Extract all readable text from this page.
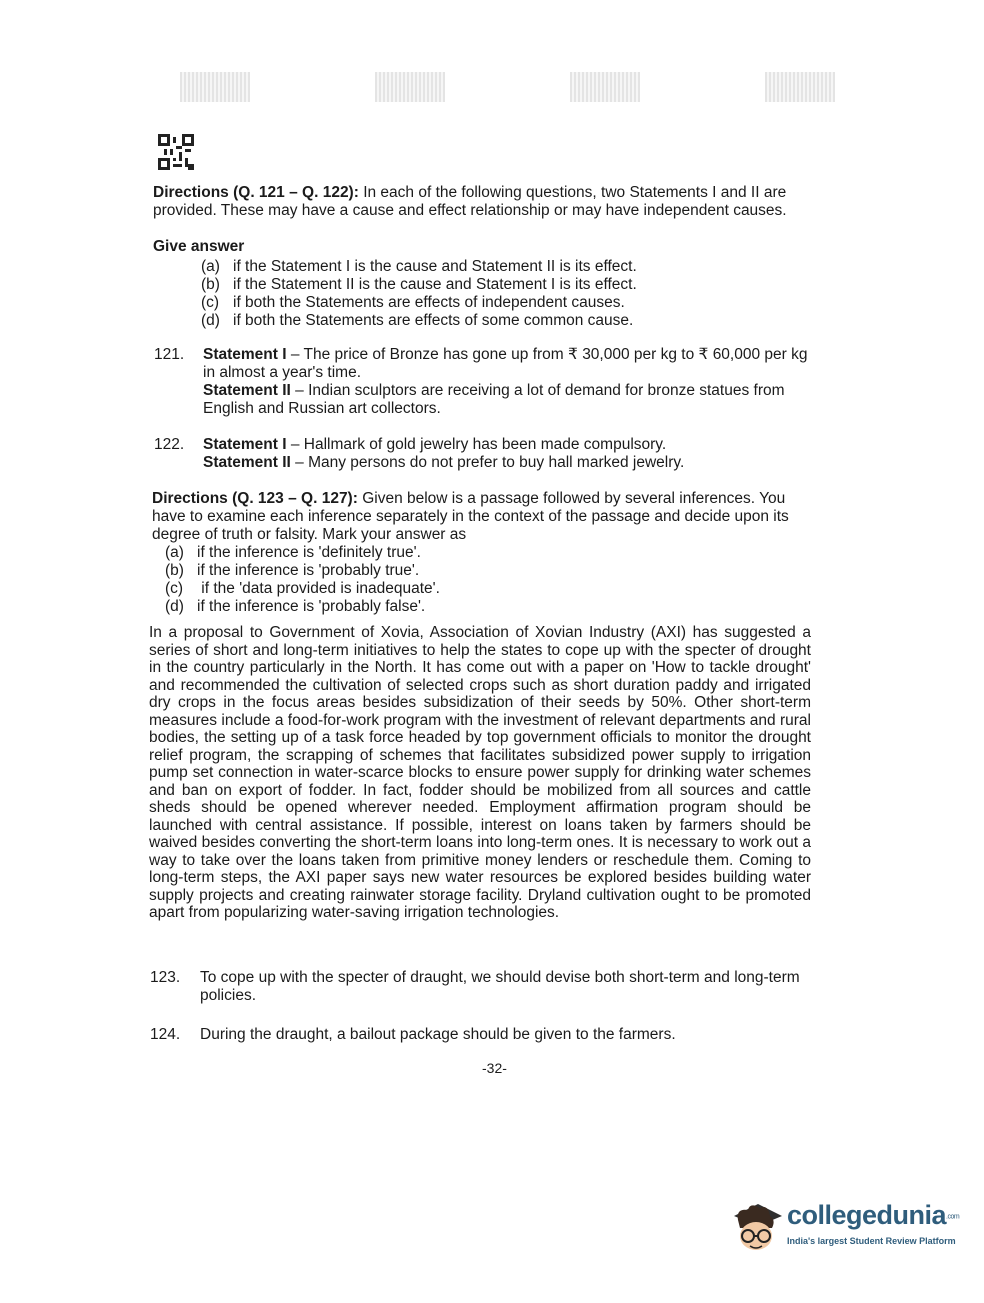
Directions (Q. 121 – Q. 122): In each of the following questions, two Statements I and II are provided. These may have a cause and effect relationship or may have independent causes.
Give answer
(a) if the Statement I is the cause and Statement II is its effect.
(b) if the Statement II is the cause and Statement I is its effect.
(c) if both the Statements are effects of independent causes.
(d) if both the Statements are effects of some common cause.
121. Statement I – The price of Bronze has gone up from ₹ 30,000 per kg to ₹ 60,000 per kg in almost a year's time.
Statement II – Indian sculptors are receiving a lot of demand for bronze statues from English and Russian art collectors.
122. Statement I – Hallmark of gold jewelry has been made compulsory.
Statement II – Many persons do not prefer to buy hall marked jewelry.
Directions (Q. 123 – Q. 127): Given below is a passage followed by several inferences. You have to examine each inference separately in the context of the passage and decide upon its degree of truth or falsity. Mark your answer as
(a) if the inference is 'definitely true'.
(b) if the inference is 'probably true'.
(c) if the 'data provided is inadequate'.
(d) if the inference is 'probably false'.
In a proposal to Government of Xovia, Association of Xovian Industry (AXI) has suggested a series of short and long-term initiatives to help the states to cope up with the specter of drought in the country particularly in the North. It has come out with a paper on 'How to tackle drought' and recommended the cultivation of selected crops such as short duration paddy and irrigated dry crops in the focus areas besides subsidization of their seeds by 50%. Other short-term measures include a food-for-work program with the investment of relevant departments and rural bodies, the setting up of a task force headed by top government officials to monitor the drought relief program, the scrapping of schemes that facilitates subsidized power supply to irrigation pump set connection in water-scarce blocks to ensure power supply for drinking water schemes and ban on export of fodder. In fact, fodder should be mobilized from all sources and cattle sheds should be opened wherever needed. Employment affirmation program should be launched with central assistance. If possible, interest on loans taken by farmers should be waived besides converting the short-term loans into long-term ones. It is necessary to work out a way to take over the loans taken from primitive money lenders or reschedule them. Coming to long-term steps, the AXI paper says new water resources be explored besides building water supply projects and creating rainwater storage facility. Dryland cultivation ought to be promoted apart from popularizing water-saving irrigation technologies.
123. To cope up with the specter of draught, we should devise both short-term and long-term policies.
124. During the draught, a bailout package should be given to the farmers.
-32-
collegedunia.com
India's largest Student Review Platform
